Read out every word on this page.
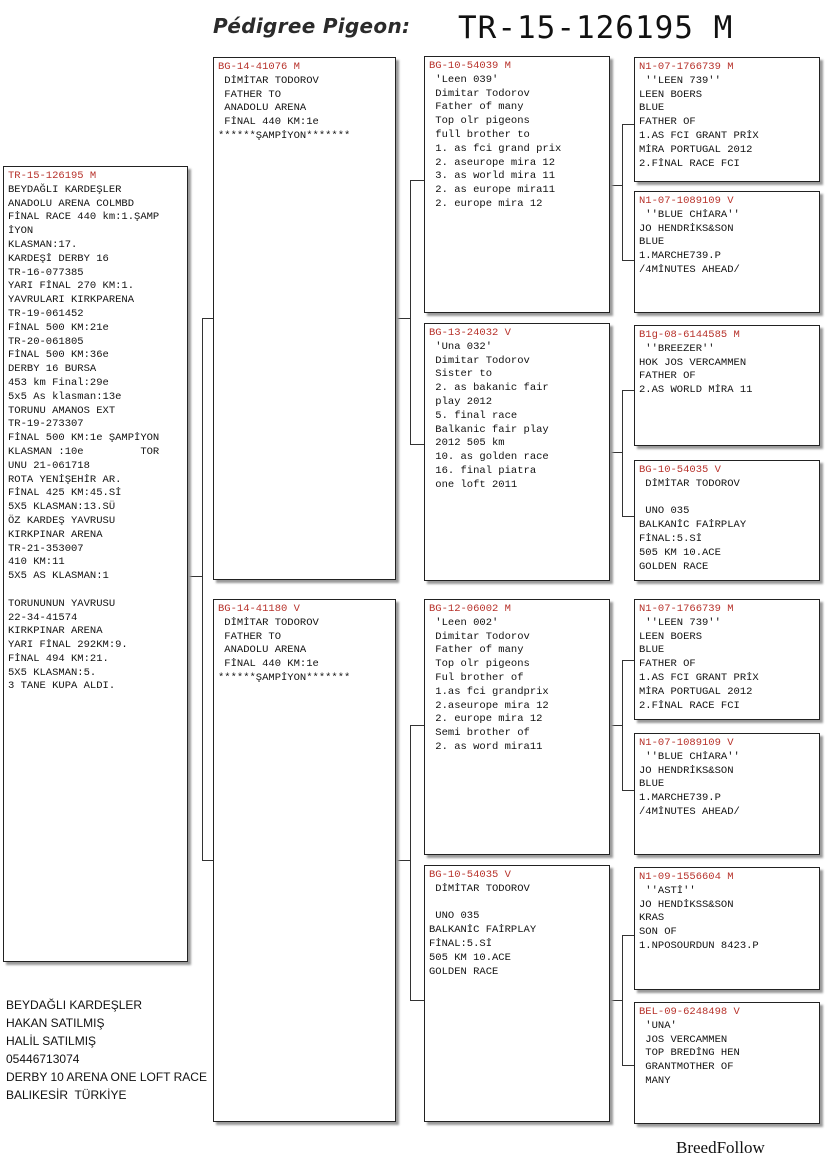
Pédigree Pigeon: TR-15-126195 M
TR-15-126195 M
BEYDAĞLI KARDEŞLER
ANADOLU ARENA COLMBD
FİNAL RACE 440 km:1.ŞAMP
İYON
KLASMAN:17.
KARDEŞİ DERBY 16
TR-16-077385
YARI FİNAL 270 KM:1.
YAVRULARI KIRKPARENA
TR-19-061452
FİNAL 500 KM:21e
TR-20-061805
FİNAL 500 KM:36e
DERBY 16 BURSA
453 km Final:29e
5x5 As klasman:13e
TORUNU AMANOS EXT
TR-19-273307
FİNAL 500 KM:1e ŞAMPİYON
KLASMAN :10e         TOR
UNU 21-061718
ROTA YENİŞEHİR AR.
FİNAL 425 KM:45.Sİ
5X5 KLASMAN:13.SÜ
ÖZ KARDEŞ YAVRUSU
KIRKPINAR ARENA
TR-21-353007
410 KM:11
5X5 AS KLASMAN:1

TORUNUNUN YAVRUSU
22-34-41574
KIRKPINAR ARENA
YARI FİNAL 292KM:9.
FİNAL 494 KM:21.
5X5 KLASMAN:5.
3 TANE KUPA ALDI.
BG-14-41076 M
DİMİTAR TODOROV
FATHER TO
ANADOLU ARENA
FİNAL 440 KM:1e
******ŞAMPİYON*******
BG-14-41180 V
DİMİTAR TODOROV
FATHER TO
ANADOLU ARENA
FİNAL 440 KM:1e
******ŞAMPİYON*******
BG-10-54039 M
'Leen 039'
Dimitar Todorov
Father of many
Top olr pigeons
full brother to
1. as fci grand prix
2. aseurope mira 12
3. as world mira 11
2. as europe mira11
2. europe mira 12
BG-13-24032 V
'Una 032'
Dimitar Todorov
Sister to
2. as bakanic fair
play 2012
5. final race
Balkanic fair play
2012 505 km
10. as golden race
16. final piatra
one loft 2011
BG-12-06002 M
'Leen 002'
Dimitar Todorov
Father of many
Top olr pigeons
Ful brother of
1.as fci grandprix
2.aseurope mira 12
2. europe mira 12
Semi brother of
2. as word mira11
BG-10-54035 V
DİMİTAR TODOROV

UNO 035
BALKANİC FAİRPLAY
FİNAL:5.Sİ
505 KM 10.ACE
GOLDEN RACE
N1-07-1766739 M
''LEEN 739''
LEEN BOERS
BLUE
FATHER OF
1.AS FCI GRANT PRİX
MİRA PORTUGAL 2012
2.FİNAL RACE FCI
N1-07-1089109 V
''BLUE CHİARA''
JO HENDRİKS&SON
BLUE
1.MARCHE739.P
/4MİNUTES AHEAD/
B1g-08-6144585 M
''BREEZER''
HOK JOS VERCAMMEN
FATHER OF
2.AS WORLD MİRA 11
BG-10-54035 V
DİMİTAR TODOROV

UNO 035
BALKANİC FAİRPLAY
FİNAL:5.Sİ
505 KM 10.ACE
GOLDEN RACE
N1-07-1766739 M
''LEEN 739''
LEEN BOERS
BLUE
FATHER OF
1.AS FCI GRANT PRİX
MİRA PORTUGAL 2012
2.FİNAL RACE FCI
N1-07-1089109 V
''BLUE CHİARA''
JO HENDRİKS&SON
BLUE
1.MARCHE739.P
/4MİNUTES AHEAD/
N1-09-1556604 M
''ASTİ''
JO HENDİKSS&SON
KRAS
SON OF
1.NPOSOURDUN 8423.P
BEL-09-6248498 V
'UNA'
JOS VERCAMMEN
TOP BREDİNG HEN
GRANTMOTHER OF
MANY
BEYDAĞLI KARDEŞLER
HAKAN SATILMIŞ
HALİL SATILMIŞ
05446713074
DERBY 10 ARENA ONE LOFT RACE
BALIKESİR  TÜRKİYE
BreedFollow
